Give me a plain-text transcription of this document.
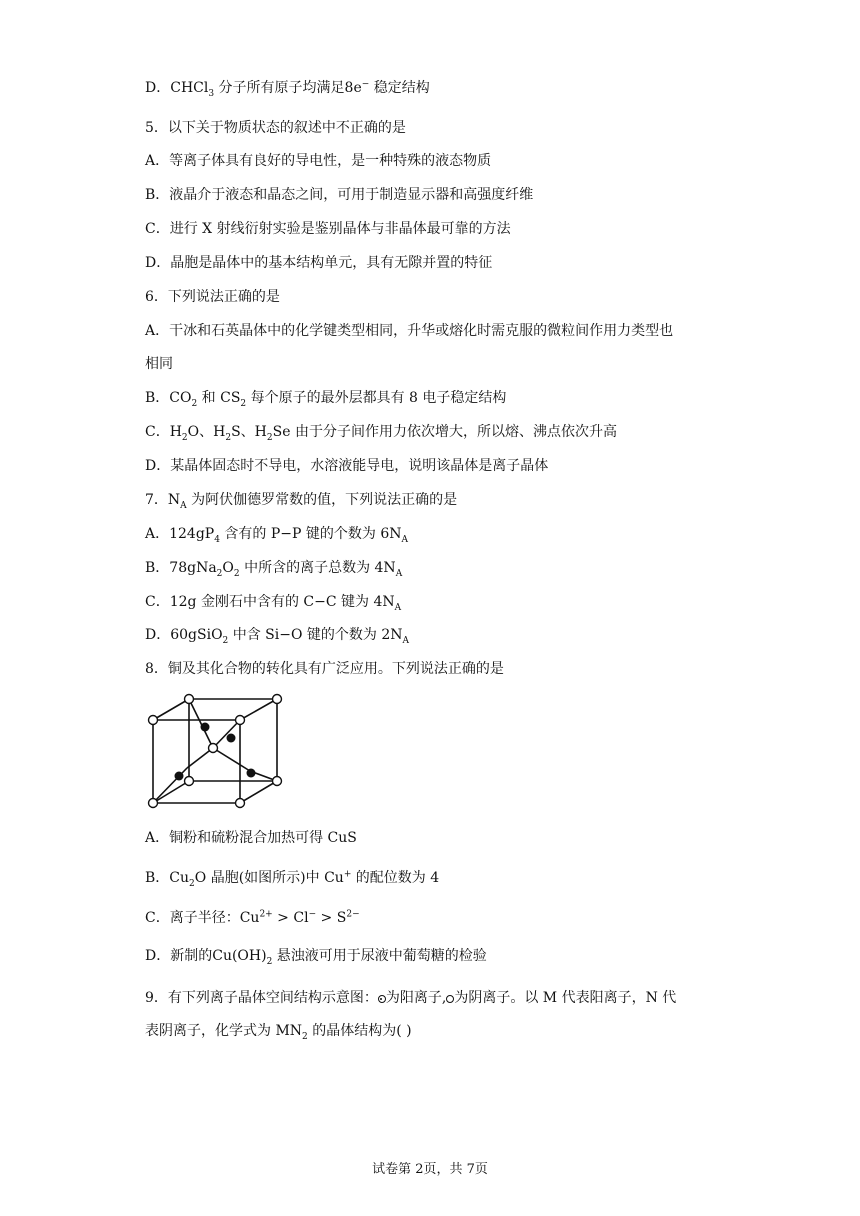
D．CHCl$_3$ 分子所有原子均满足8e− 稳定结构
5．以下关于物质状态的叙述中不正确的是
A．等离子体具有良好的导电性，是一种特殊的液态物质
B．液晶介于液态和晶态之间，可用于制造显示器和高强度纤维
C．进行 X 射线衍射实验是鉴别晶体与非晶体最可靠的方法
D．晶胞是晶体中的基本结构单元，具有无隙并置的特征
6．下列说法正确的是
A．干冰和石英晶体中的化学键类型相同，升华或熔化时需克服的微粒间作用力类型也
相同
B．$CO_2$ 和 $CS_2$ 每个原子的最外层都具有 8 电子稳定结构
C．$H_2O$、$H_2S$、$H_2Se$ 由于分子间作用力依次增大，所以熔、沸点依次升高
D．某晶体固态时不导电，水溶液能导电，说明该晶体是离子晶体
7．$N_A$ 为阿伏伽德罗常数的值，下列说法正确的是
A．$124gP_4$ 含有的 P−P 键的个数为 $6N_A$
B．$78gNa_2O_2$ 中所含的离子总数为 $4N_A$
C．12g 金刚石中含有的 C−C 键为 $4N_A$
D．60gSiO$_2$ 中含 Si−O 键的个数为 $2N_A$
8．铜及其化合物的转化具有广泛应用。下列说法正确的是
A．铜粉和硫粉混合加热可得 CuS
B．$Cu_2O$ 晶胞(如图所示)中 Cu+ 的配位数为 4
C．离子半径：$Cu^{2+} > Cl^- > S^{2-}$
D．新制的$Cu(OH)_2$ 悬浊液可用于尿液中葡萄糖的检验
9．有下列离子晶体空间结构示意图： 为阳离子, 为阴离子。以 M 代表阳离子，N 代
表阴离子，化学式为 $MN_2$ 的晶体结构为( )
试卷第 2页，共 7页
